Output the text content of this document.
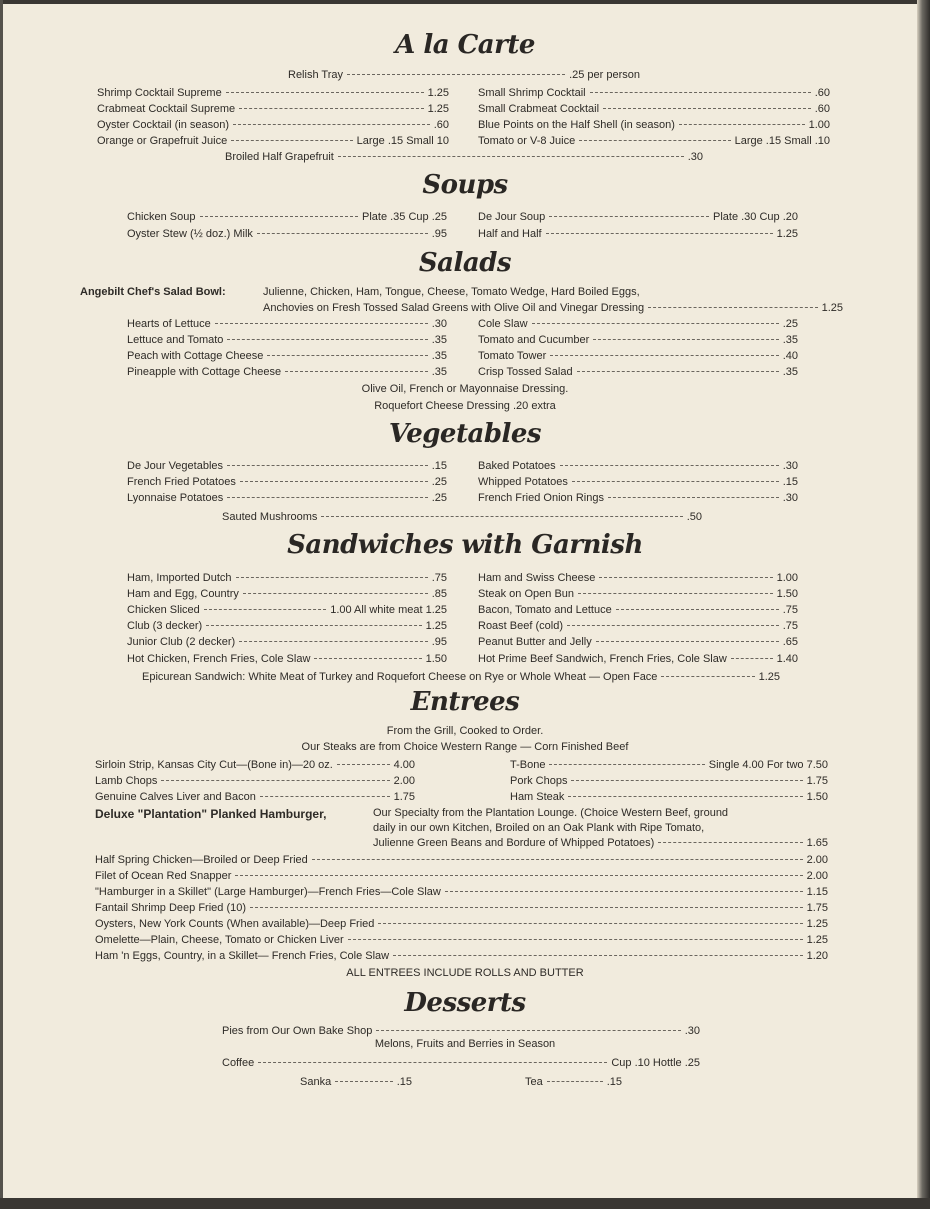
A la Carte
Relish Tray	.25 per person
Shrimp Cocktail Supreme	1.25	Small Shrimp Cocktail	.60
Crabmeat Cocktail Supreme	1.25	Small Crabmeat Cocktail	.60
Oyster Cocktail (in season)	.60	Blue Points on the Half Shell (in season)	1.00
Orange or Grapefruit Juice	Large .15 Small 10	Tomato or V-8 Juice	Large .15 Small .10
Broiled Half Grapefruit	.30
Soups
Chicken Soup	Plate .35 Cup .25	De Jour Soup	Plate .30 Cup .20
Oyster Stew (½ doz.) Milk	.95	Half and Half	1.25
Salads
Angebilt Chef's Salad Bowl:	Julienne, Chicken, Ham, Tongue, Cheese, Tomato Wedge, Hard Boiled Eggs,
Anchovies on Fresh Tossed Salad Greens with Olive Oil and Vinegar Dressing	1.25
Hearts of Lettuce	.30	Cole Slaw	.25
Lettuce and Tomato	.35	Tomato and Cucumber	.35
Peach with Cottage Cheese	.35	Tomato Tower	.40
Pineapple with Cottage Cheese	.35	Crisp Tossed Salad	.35
Olive Oil, French or Mayonnaise Dressing.
Roquefort Cheese Dressing .20 extra
Vegetables
De Jour Vegetables	.15	Baked Potatoes	.30
French Fried Potatoes	.25	Whipped Potatoes	.15
Lyonnaise Potatoes	.25	French Fried Onion Rings	.30
Sauted Mushrooms	.50
Sandwiches with Garnish
Ham, Imported Dutch	.75	Ham and Swiss Cheese	1.00
Ham and Egg, Country	.85	Steak on Open Bun	1.50
Chicken Sliced	1.00 All white meat 1.25	Bacon, Tomato and Lettuce	.75
Club (3 decker)	1.25	Roast Beef (cold)	.75
Junior Club (2 decker)	.95	Peanut Butter and Jelly	.65
Hot Chicken, French Fries, Cole Slaw	1.50	Hot Prime Beef Sandwich, French Fries, Cole Slaw	1.40
Epicurean Sandwich: White Meat of Turkey and Roquefort Cheese on Rye or Whole Wheat — Open Face	1.25
Entrees
From the Grill, Cooked to Order.
Our Steaks are from Choice Western Range — Corn Finished Beef
Sirloin Strip, Kansas City Cut—(Bone in)—20 oz.	4.00	T-Bone	Single 4.00 For two 7.50
Lamb Chops	2.00	Pork Chops	1.75
Genuine Calves Liver and Bacon	1.75	Ham Steak	1.50
Deluxe "Plantation" Planked Hamburger,	Our Specialty from the Plantation Lounge. (Choice Western Beef, ground
daily in our own Kitchen, Broiled on an Oak Plank with Ripe Tomato,
Julienne Green Beans and Bordure of Whipped Potatoes)	1.65
Half Spring Chicken—Broiled or Deep Fried	2.00
Filet of Ocean Red Snapper	2.00
"Hamburger in a Skillet" (Large Hamburger)—French Fries—Cole Slaw	1.15
Fantail Shrimp Deep Fried (10)	1.75
Oysters, New York Counts (When available)—Deep Fried	1.25
Omelette—Plain, Cheese, Tomato or Chicken Liver	1.25
Ham 'n Eggs, Country, in a Skillet— French Fries, Cole Slaw	1.20
ALL ENTREES INCLUDE ROLLS AND BUTTER
Desserts
Pies from Our Own Bake Shop	.30
Melons, Fruits and Berries in Season
Coffee	Cup .10 Hottle .25
Sanka	.15	Tea	.15
